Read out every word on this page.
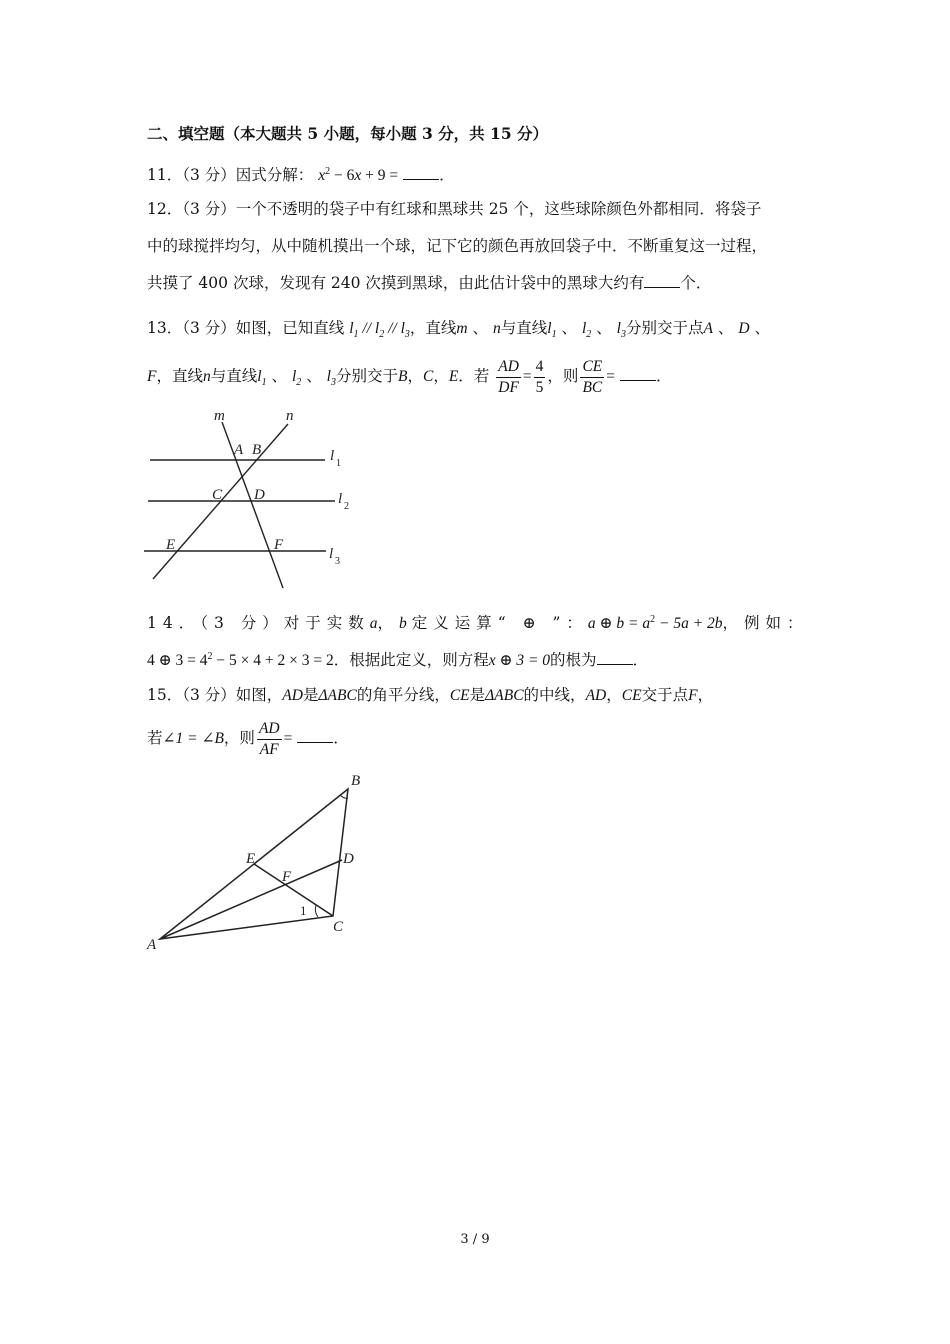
二、填空题（本大题共 5 小题，每小题 3 分，共 15 分）
11．（3 分）因式分解： $x^2 - 6x + 9$ =	．
12．（3 分）一个不透明的袋子中有红球和黑球共 25 个，这些球除颜色外都相同．将袋子
中的球搅拌均匀，从中随机摸出一个球，记下它的颜色再放回袋子中．不断重复这一过程，
共摸了 400 次球，发现有 240 次摸到黑球，由此估计袋中的黑球大约有 个．
13．（3 分）如图，已知直线 $l_1 // l_2 // l_3$，直线m 、 n与直线$l_1$ 、 $l_2$ 、 $l_3$分别交于点A 、 D 、
F，直线n与直线$l_1$ 、 $l_2$ 、 $l_3$分别交于B，C，E．若 $\frac{AD}{DF} = \frac{4}{5}$ ，则 $\frac{CE}{BC}$ =	．
m	n
A B
C D
E	F
l 1
l 2
l 3
14．（3 分）对于实数a，b 定义运算“ ⊕ ”：a ⊕ $b = a^2 - 5a + 2b$，例如：
4 ⊕ $3 = 4^2 - 5 \times 4 + 2 \times 3 = 2$．根据此定义，则方程x ⊕ 3 = 0的根为 ．
15．（3 分）如图，AD是ΔABC的角平分线，CE是ΔABC的中线，AD，CE交于点F，
若∠1 = ∠B，则 $\frac{AD}{AF}$ =	．
B
E
F
D
1
C
A
3 / 9
